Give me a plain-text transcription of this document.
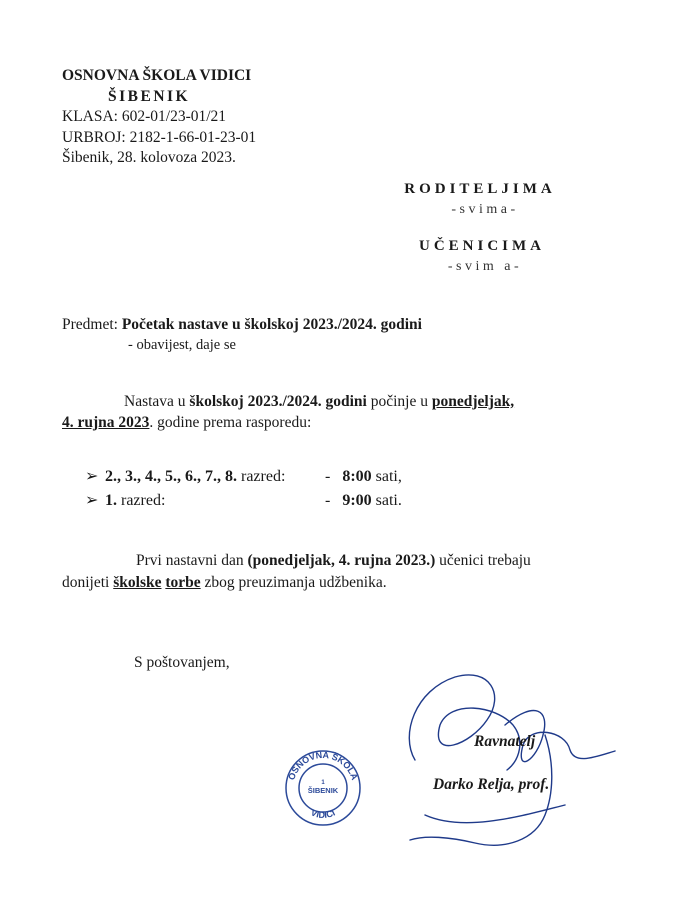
OSNOVNA ŠKOLA VIDICI
ŠIBENIK
KLASA: 602-01/23-01/21
URBROJ: 2182-1-66-01-23-01
Šibenik, 28. kolovoza 2023.
RODITELJIMA
-svima-
UČENICIMA
-svim a-
Predmet: Početak nastave u školskoj 2023./2024. godini
- obavijest, daje se
Nastava u školskoj 2023./2024. godini počinje u ponedjeljak,
4. rujna 2023. godine prema rasporedu:
➢ 2., 3., 4., 5., 6., 7., 8. razred: - 8:00 sati,
➢ 1. razred:	- 9:00 sati.
Prvi nastavni dan (ponedjeljak, 4. rujna 2023.) učenici trebaju
donijeti školske torbe zbog preuzimanja udžbenika.
S poštovanjem,
OSNOVNA ŠKOLA
1
ŠIBENIK
VIDICI
Ravnatelj
Darko Relja, prof.
